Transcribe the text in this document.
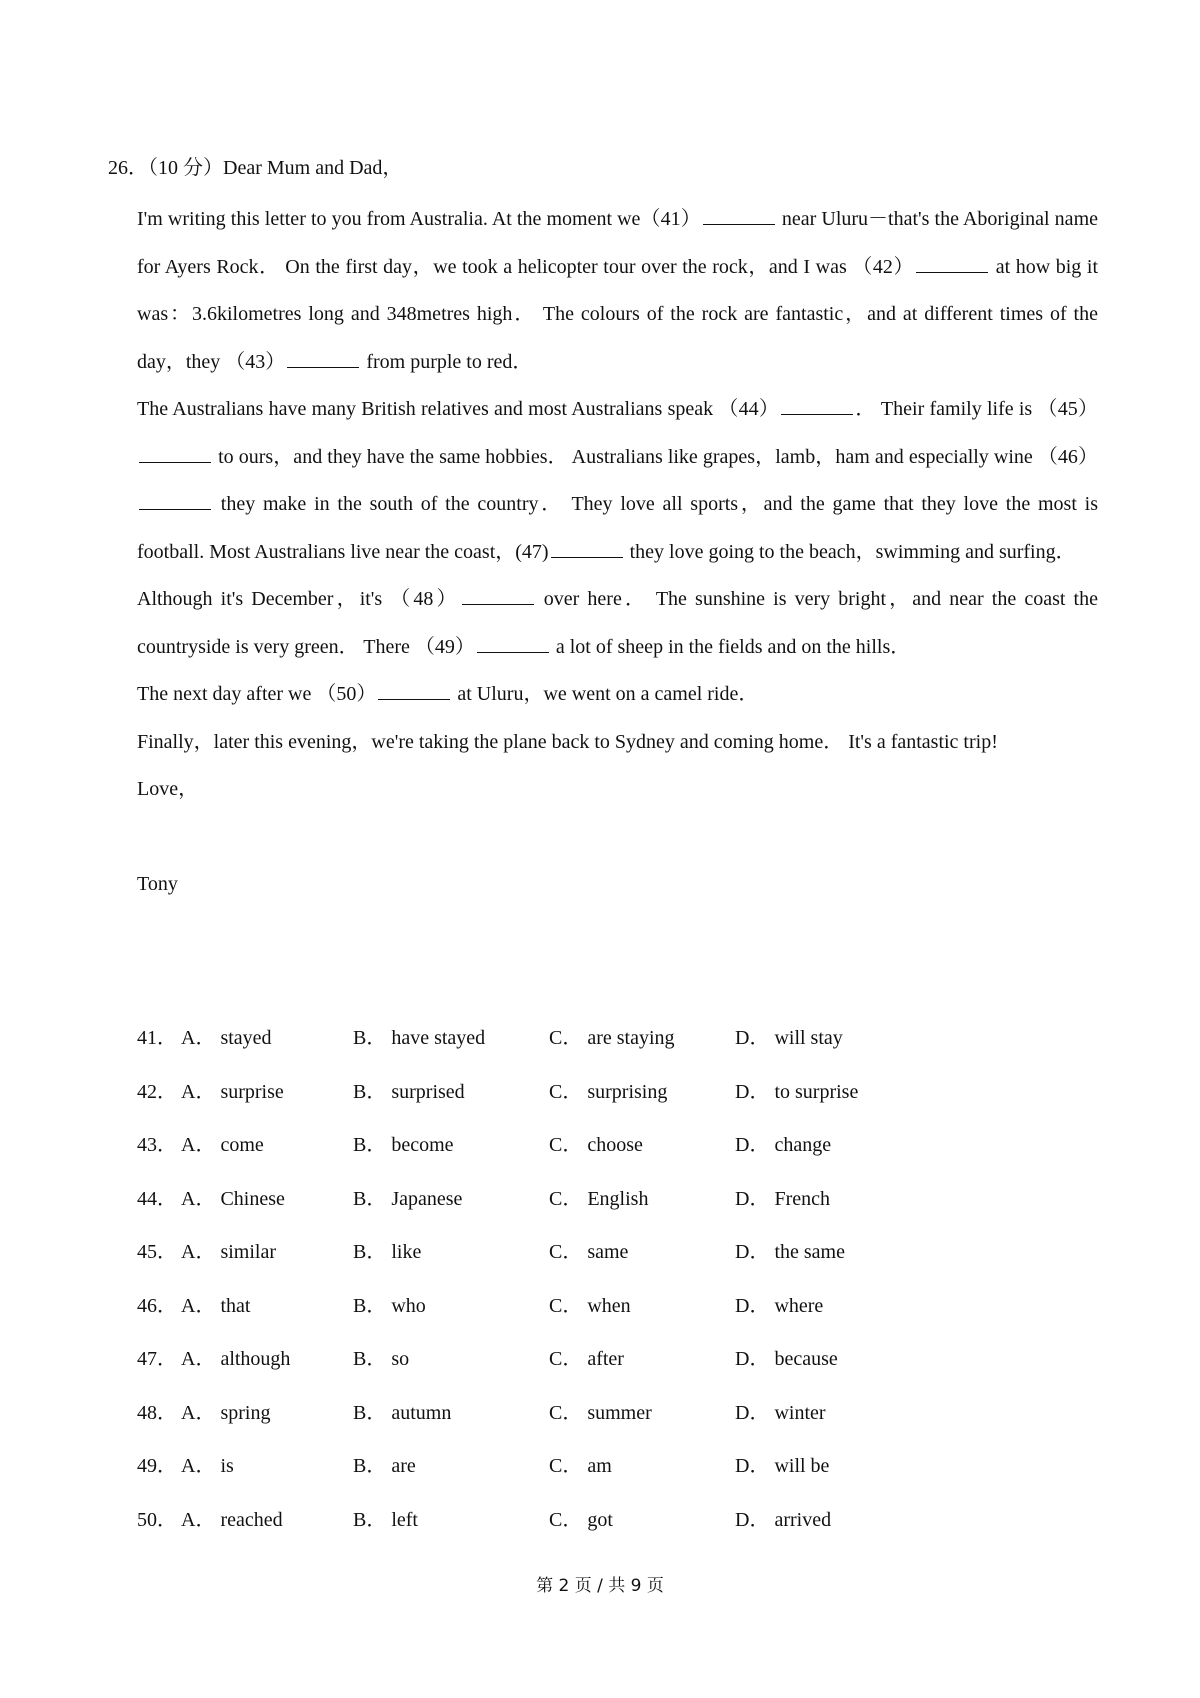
26．（10 分）Dear Mum and Dad，

I'm writing this letter to you from Australia. At the moment we（41）	near Uluru－that's the Aboriginal name for Ayers Rock． On the first day，we took a helicopter tour over the rock，and I was （42）	at how big it was：3.6kilometres long and 348metres high． The colours of the rock are fantastic，and at different times of the day，they （43）	from purple to red．

The Australians have many British relatives and most Australians speak （44）	． Their family life is （45） to ours，and they have the same hobbies． Australians like grapes，lamb，ham and especially wine （46） they make in the south of the country． They love all sports，and the game that they love the most is football. Most Australians live near the coast，(47)	they love going to the beach，swimming and surfing．

Although it's December，it's （48）	over here． The sunshine is very bright，and near the coast the countryside is very green． There （49）	a lot of sheep in the fields and on the hills．

The next day after we （50）	at Uluru，we went on a camel ride．

Finally，later this evening，we're taking the plane back to Sydney and coming home． It's a fantastic trip!

Love，

Tony

41． A． stayed	B． have stayed	C． are staying	D． will stay
42． A． surprise	B． surprised	C． surprising	D． to surprise
43． A． come	B． become	C． choose	D． change
44． A． Chinese	B． Japanese	C． English	D． French
45． A． similar	B． like	C． same	D． the same
46． A． that	B． who	C． when	D． where
47． A． although	B． so	C． after	D． because
48． A． spring	B． autumn	C． summer	D． winter
49． A． is	B． are	C． am	D． will be
50． A． reached	B． left	C． got	D． arrived
第 2 页 / 共 9 页
